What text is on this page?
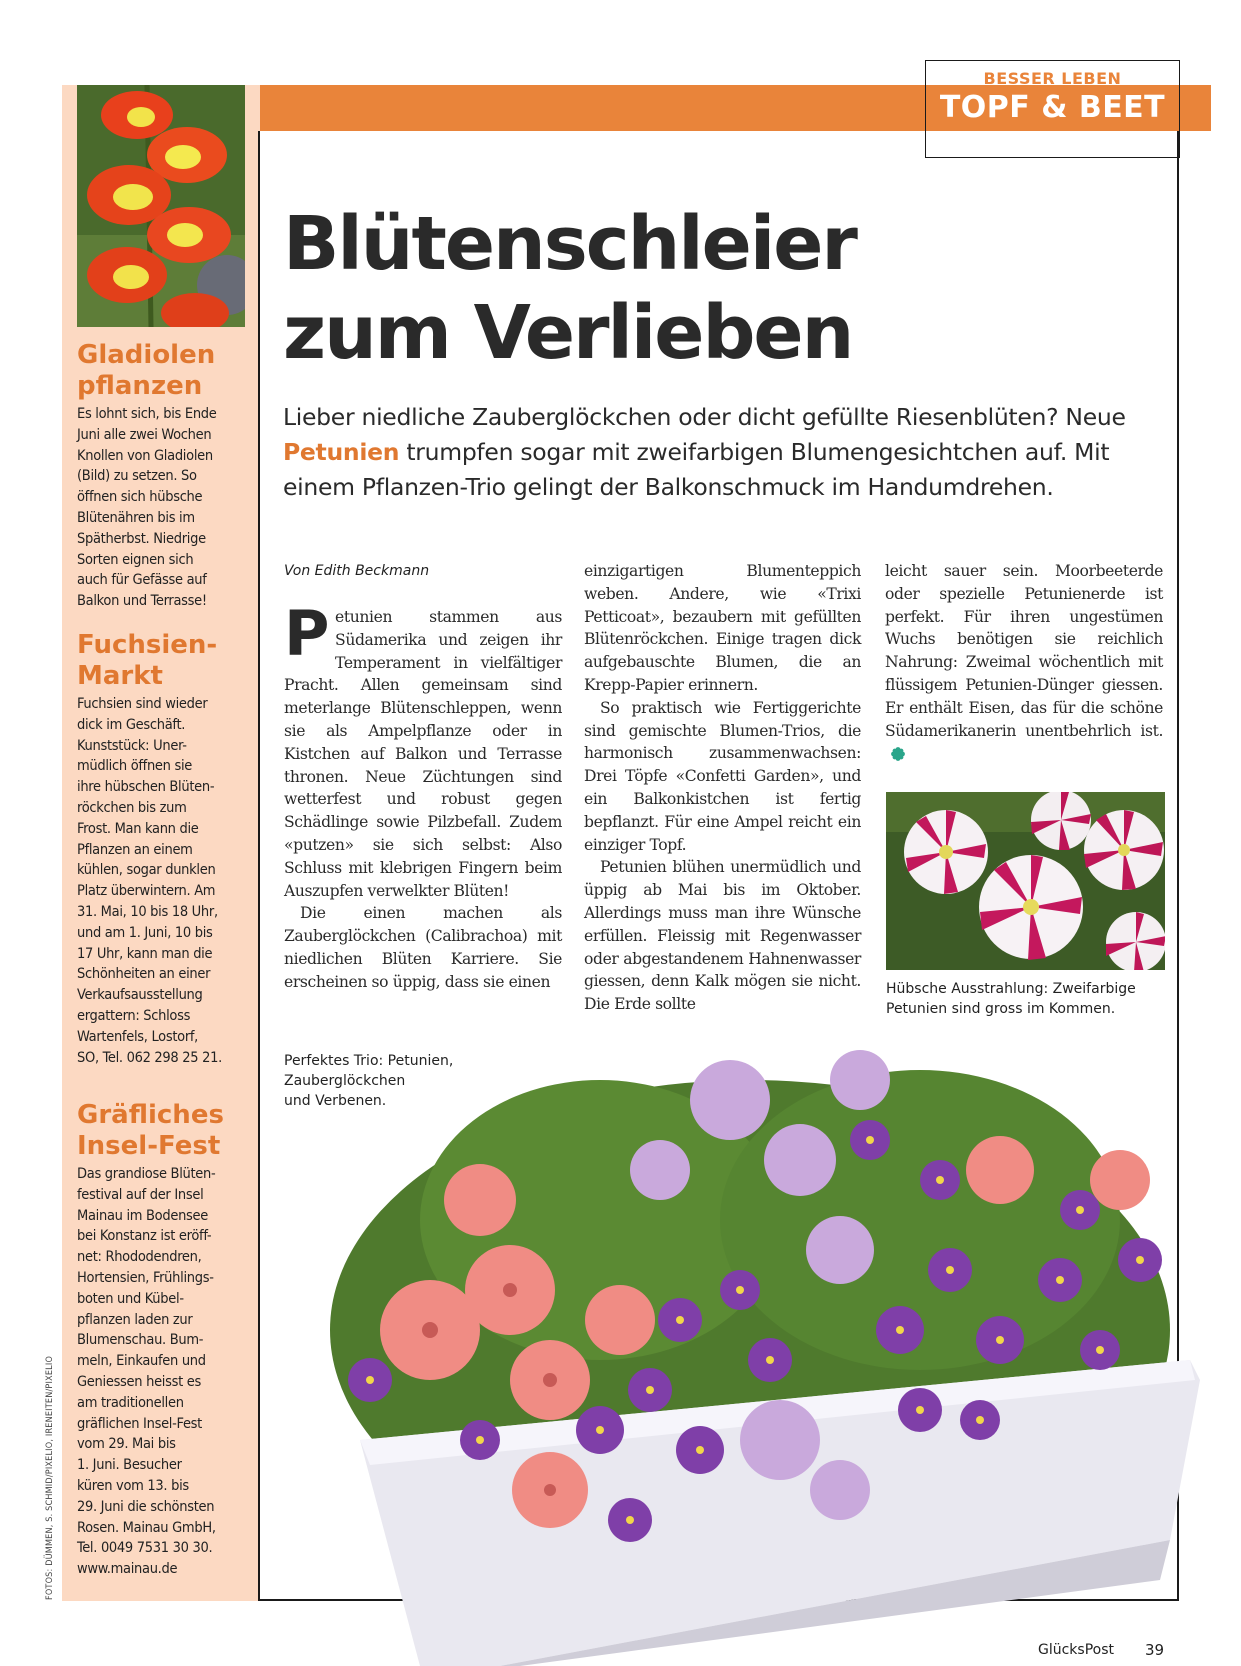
BESSER LEBEN
TOPF & BEET
FOTOS: DÜMMEN, S. SCHMID/PIXELIO, IRENEITEN/PIXELIO
Gladiolen
pflanzen
Es lohnt sich, bis Ende
Juni alle zwei Wochen
Knollen von Gladiolen
(Bild) zu setzen. So
öffnen sich hübsche
Blütenähren bis im
Spätherbst. Niedrige
Sorten eignen sich
auch für Gefässe auf
Balkon und Terrasse!
Fuchsien-
Markt
Fuchsien sind wieder
dick im Geschäft.
Kunststück: Uner-
müdlich öffnen sie
ihre hübschen Blüten-
röckchen bis zum
Frost. Man kann die
Pflanzen an einem
kühlen, sogar dunklen
Platz überwintern. Am
31. Mai, 10 bis 18 Uhr,
und am 1. Juni, 10 bis
17 Uhr, kann man die
Schönheiten an einer
Verkaufsausstellung
ergattern: Schloss
Wartenfels, Lostorf,
SO, Tel. 062 298 25 21.
Gräfliches
Insel-Fest
Das grandiose Blüten-
festival auf der Insel
Mainau im Bodensee
bei Konstanz ist eröff-
net: Rhododendren,
Hortensien, Frühlings-
boten und Kübel-
pflanzen laden zur
Blumenschau. Bum-
meln, Einkaufen und
Geniessen heisst es
am traditionellen
gräflichen Insel-Fest
vom 29. Mai bis
1. Juni. Besucher
küren vom 13. bis
29. Juni die schönsten
Rosen. Mainau GmbH,
Tel. 0049 7531 30 30.
www.mainau.de
Blütenschleier
zum Verlieben
Lieber niedliche Zauberglöckchen oder dicht gefüllte Riesenblüten? Neue Petunien trumpfen sogar mit zweifarbigen Blumengesichtchen auf. Mit einem Pflanzen-Trio gelingt der Balkonschmuck im Handumdrehen.
Von Edith Beckmann

Petunien stammen aus Südamerika und zeigen ihr Temperament in vielfältiger Pracht. Allen gemeinsam sind meterlange Blütenschleppen, wenn sie als Ampelpflanze oder in Kistchen auf Balkon und Terrasse thronen. Neue Züchtungen sind wetterfest und robust gegen Schädlinge sowie Pilzbefall. Zudem «putzen» sie sich selbst: Also Schluss mit klebrigen Fingern beim Auszupfen verwelkter Blüten!

Die einen machen als Zauberglöckchen (Calibrachoa) mit niedlichen Blüten Karriere. Sie erscheinen so üppig, dass sie einen

einzigartigen Blumenteppich weben. Andere, wie «Trixi Petticoat», bezaubern mit gefüllten Blütenröckchen. Einige tragen dick aufgebauschte Blumen, die an Krepp-Papier erinnern.

So praktisch wie Fertiggerichte sind gemischte Blumen-Trios, die harmonisch zusammenwachsen: Drei Töpfe «Confetti Garden», und ein Balkonkistchen ist fertig bepflanzt. Für eine Ampel reicht ein einziger Topf.

Petunien blühen unermüdlich und üppig ab Mai bis im Oktober. Allerdings muss man ihre Wünsche erfüllen. Fleissig mit Regenwasser oder abgestandenem Hahnenwasser giessen, denn Kalk mögen sie nicht. Die Erde sollte

leicht sauer sein. Moorbeeterde oder spezielle Petunienerde ist perfekt. Für ihren ungestümen Wuchs benötigen sie reichlich Nahrung: Zweimal wöchentlich mit flüssigem Petunien-Dünger giessen. Er enthält Eisen, das für die schöne Südamerikanerin unentbehrlich ist.

Hübsche Ausstrahlung: Zweifarbige
Petunien sind gross im Kommen.
Perfektes Trio: Petunien,
Zauberglöckchen
und Verbenen.
GlücksPost 39
